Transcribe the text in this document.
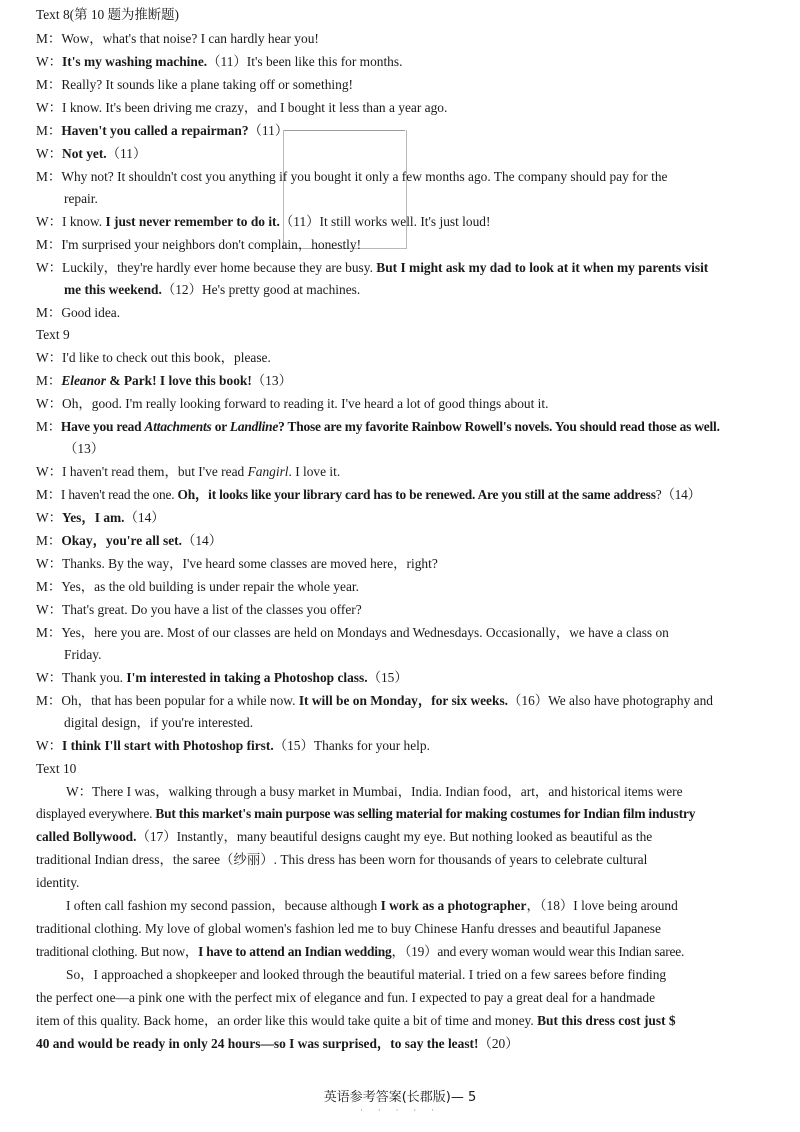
Text 8(第 10 题为推断题)
M：Wow，what's that noise? I can hardly hear you!
W：It's my washing machine.（11）It's been like this for months.
M：Really? It sounds like a plane taking off or something!
W：I know. It's been driving me crazy，and I bought it less than a year ago.
M：Haven't you called a repairman?（11）
W：Not yet.（11）
M：Why not? It shouldn't cost you anything if you bought it only a few months ago. The company should pay for the
repair.
W：I know. I just never remember to do it.（11）It still works well. It's just loud!
M：I'm surprised your neighbors don't complain，honestly!
W：Luckily，they're hardly ever home because they are busy. But I might ask my dad to look at it when my parents visit
me this weekend.（12）He's pretty good at machines.
M：Good idea.
Text 9
W：I'd like to check out this book，please.
M：Eleanor & Park! I love this book!（13）
W：Oh，good. I'm really looking forward to reading it. I've heard a lot of good things about it.
M：Have you read Attachments or Landline? Those are my favorite Rainbow Rowell's novels. You should read those as well.
（13）
W：I haven't read them，but I've read Fangirl. I love it.
M：I haven't read the one. Oh，it looks like your library card has to be renewed. Are you still at the same address?（14）
W：Yes，I am.（14）
M：Okay，you're all set.（14）
W：Thanks. By the way，I've heard some classes are moved here，right?
M：Yes，as the old building is under repair the whole year.
W：That's great. Do you have a list of the classes you offer?
M：Yes，here you are. Most of our classes are held on Mondays and Wednesdays. Occasionally，we have a class on
Friday.
W：Thank you. I'm interested in taking a Photoshop class.（15）
M：Oh，that has been popular for a while now. It will be on Monday，for six weeks.（16）We also have photography and
digital design，if you're interested.
W：I think I'll start with Photoshop first.（15）Thanks for your help.
Text 10
W：There I was，walking through a busy market in Mumbai，India. Indian food，art，and historical items were
displayed everywhere. But this market's main purpose was selling material for making costumes for Indian film industry
called Bollywood.（17）Instantly，many beautiful designs caught my eye. But nothing looked as beautiful as the
traditional Indian dress，the saree（纱丽）. This dress has been worn for thousands of years to celebrate cultural
identity.
I often call fashion my second passion，because although I work as a photographer，（18）I love being around
traditional clothing. My love of global women's fashion led me to buy Chinese Hanfu dresses and beautiful Japanese
traditional clothing. But now，I have to attend an Indian wedding，（19）and every woman would wear this Indian saree.
So，I approached a shopkeeper and looked through the beautiful material. I tried on a few sarees before finding
the perfect one—a pink one with the perfect mix of elegance and fun. I expected to pay a great deal for a handmade
item of this quality. Back home，an order like this would take quite a bit of time and money. But this dress cost just $
40 and would be ready in only 24 hours—so I was surprised，to say the least!（20）
英语参考答案(长郡版)— 5
· · · · ·
